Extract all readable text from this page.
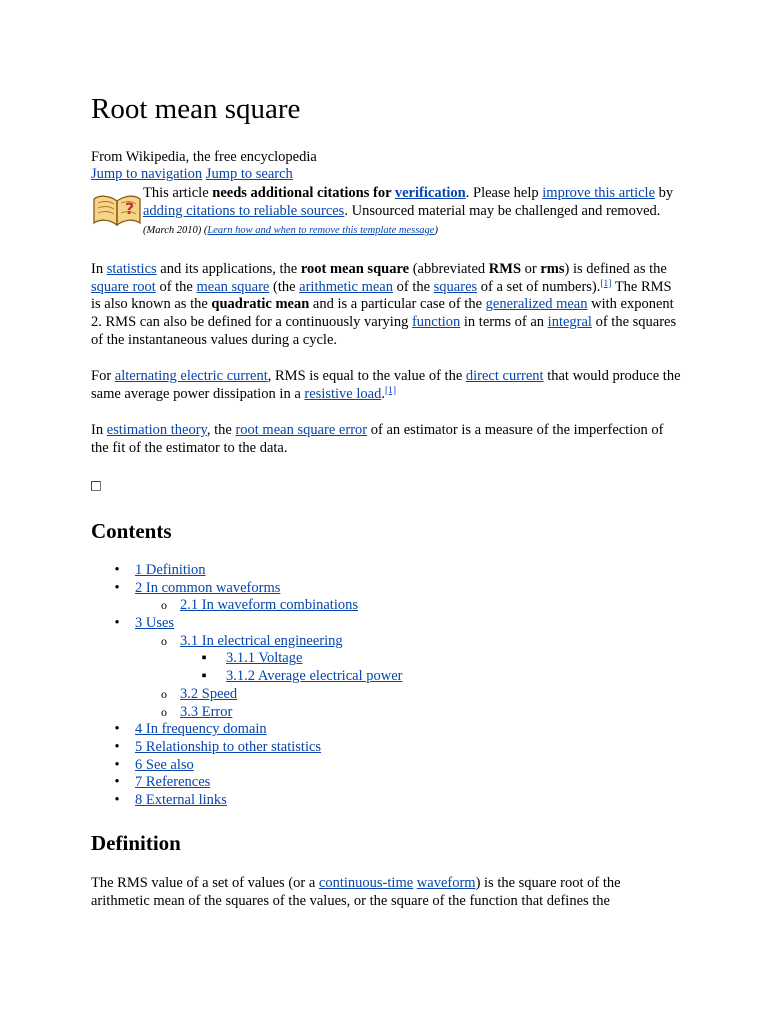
Root mean square
From Wikipedia, the free encyclopedia
Jump to navigation Jump to search
?
This article needs additional citations for verification. Please help improve this article by adding citations to reliable sources. Unsourced material may be challenged and removed. (March 2010) (Learn how and when to remove this template message)
In statistics and its applications, the root mean square (abbreviated RMS or rms) is defined as the square root of the mean square (the arithmetic mean of the squares of a set of numbers).[1] The RMS is also known as the quadratic mean and is a particular case of the generalized mean with exponent 2. RMS can also be defined for a continuously varying function in terms of an integral of the squares of the instantaneous values during a cycle.
For alternating electric current, RMS is equal to the value of the direct current that would produce the same average power dissipation in a resistive load.[1]
In estimation theory, the root mean square error of an estimator is a measure of the imperfection of the fit of the estimator to the data.
Contents
• 1 Definition
• 2 In common waveforms
o 2.1 In waveform combinations
• 3 Uses
o 3.1 In electrical engineering
▪ 3.1.1 Voltage
▪ 3.1.2 Average electrical power
o 3.2 Speed
o 3.3 Error
• 4 In frequency domain
• 5 Relationship to other statistics
• 6 See also
• 7 References
• 8 External links
Definition
The RMS value of a set of values (or a continuous-time waveform) is the square root of the arithmetic mean of the squares of the values, or the square of the function that defines the
